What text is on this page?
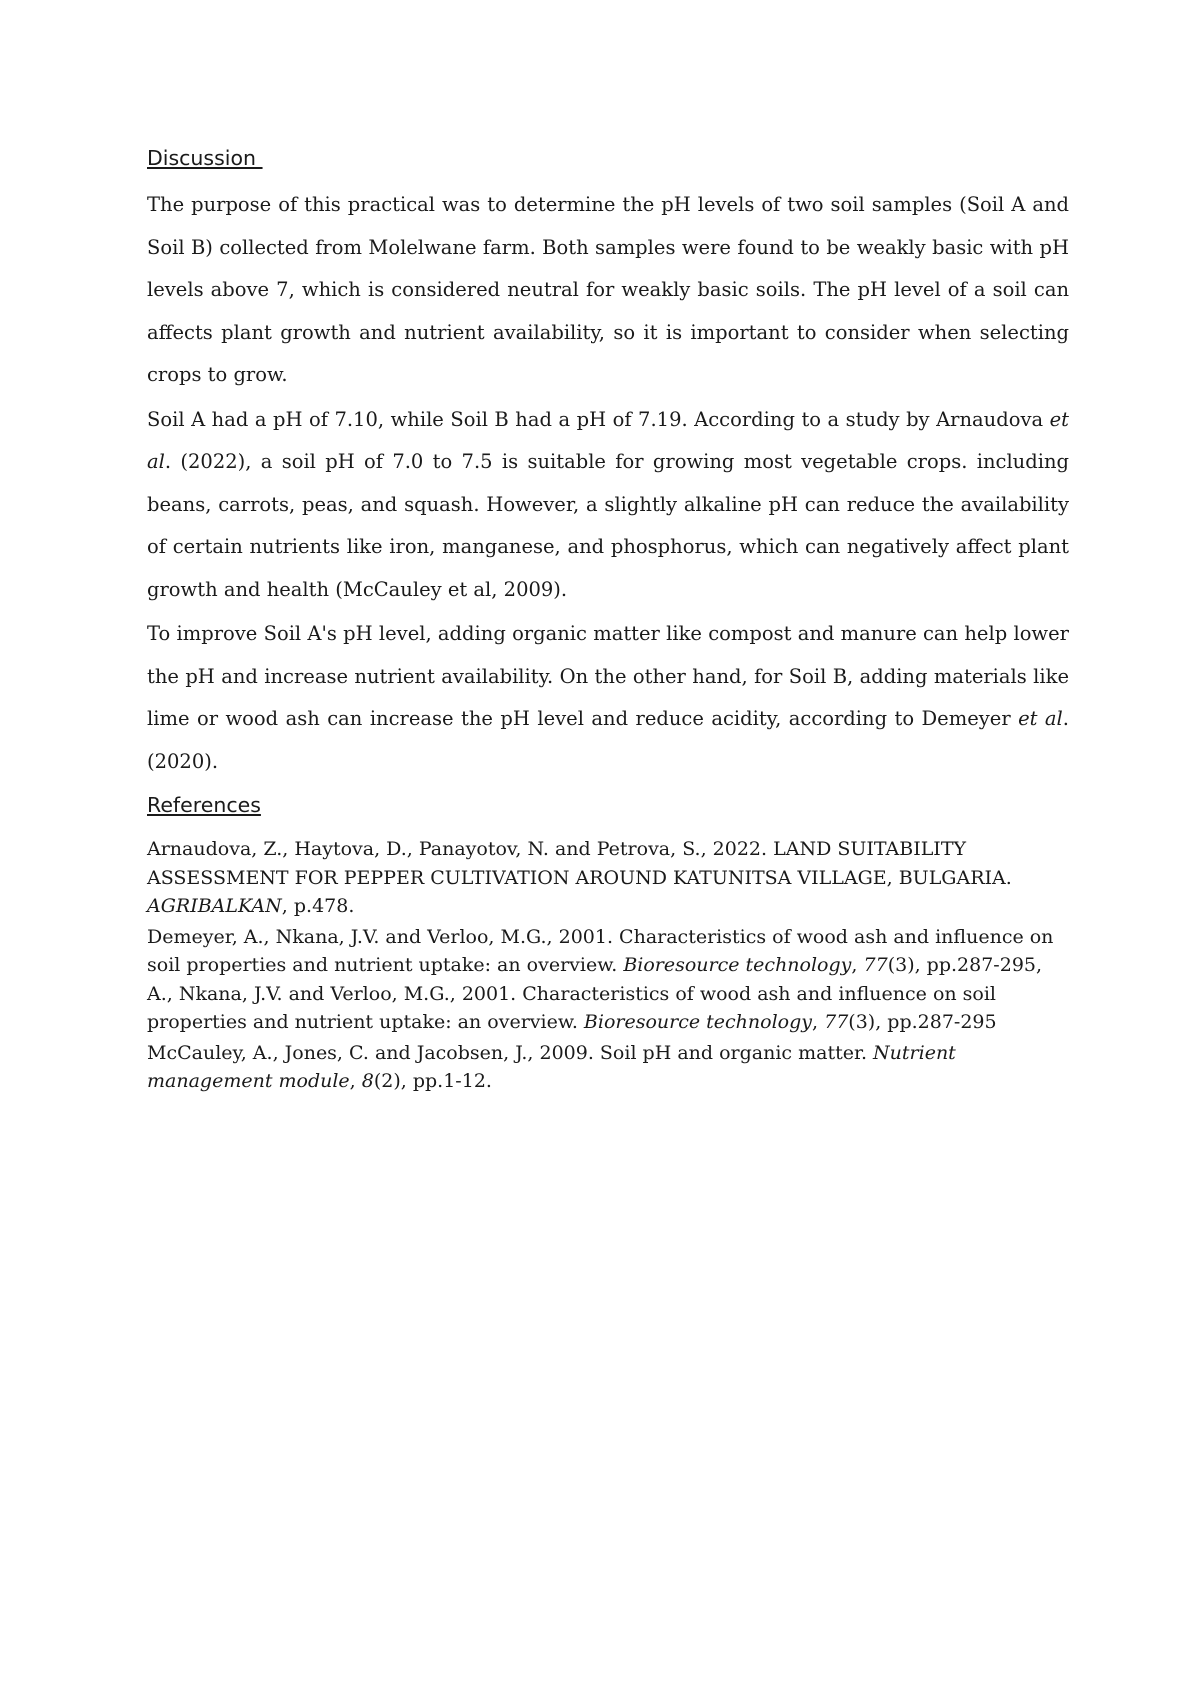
Discussion

The purpose of this practical was to determine the pH levels of two soil samples (Soil A and Soil B) collected from Molelwane farm. Both samples were found to be weakly basic with pH levels above 7, which is considered neutral for weakly basic soils. The pH level of a soil can affects plant growth and nutrient availability, so it is important to consider when selecting crops to grow.

Soil A had a pH of 7.10, while Soil B had a pH of 7.19. According to a study by Arnaudova et al. (2022), a soil pH of 7.0 to 7.5 is suitable for growing most vegetable crops. including beans, carrots, peas, and squash. However, a slightly alkaline pH can reduce the availability of certain nutrients like iron, manganese, and phosphorus, which can negatively affect plant growth and health (McCauley et al, 2009).

To improve Soil A's pH level, adding organic matter like compost and manure can help lower the pH and increase nutrient availability. On the other hand, for Soil B, adding materials like lime or wood ash can increase the pH level and reduce acidity, according to Demeyer et al. (2020).

References

Arnaudova, Z., Haytova, D., Panayotov, N. and Petrova, S., 2022. LAND SUITABILITY ASSESSMENT FOR PEPPER CULTIVATION AROUND KATUNITSA VILLAGE, BULGARIA. AGRIBALKAN, p.478.

Demeyer, A., Nkana, J.V. and Verloo, M.G., 2001. Characteristics of wood ash and influence on soil properties and nutrient uptake: an overview. Bioresource technology, 77(3), pp.287-295, A., Nkana, J.V. and Verloo, M.G., 2001. Characteristics of wood ash and influence on soil properties and nutrient uptake: an overview. Bioresource technology, 77(3), pp.287-295

McCauley, A., Jones, C. and Jacobsen, J., 2009. Soil pH and organic matter. Nutrient management module, 8(2), pp.1-12.
